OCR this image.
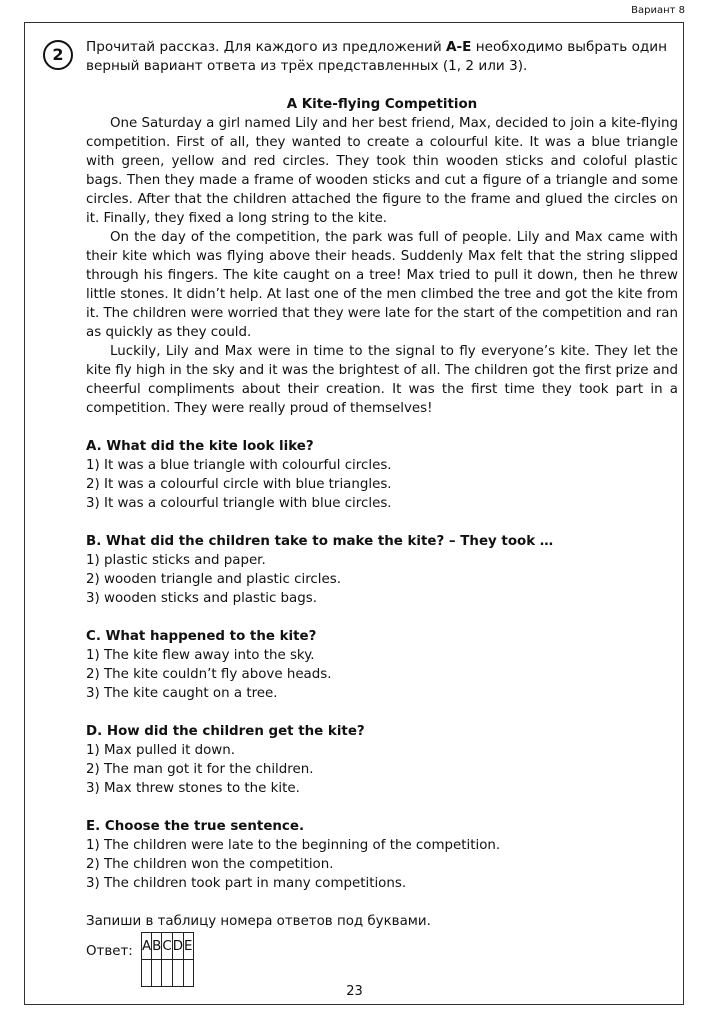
Вариант 8
2	Прочитай рассказ. Для каждого из предложений A-E необходимо выбрать один верный вариант ответа из трёх представленных (1, 2 или 3).
A Kite-flying Competition

One Saturday a girl named Lily and her best friend, Max, decided to join a kite-flying competition. First of all, they wanted to create a colourful kite. It was a blue triangle with green, yellow and red circles. They took thin wooden sticks and coloful plastic bags. Then they made a frame of wooden sticks and cut a figure of a triangle and some circles. After that the children attached the figure to the frame and glued the circles on it. Finally, they fixed a long string to the kite.

On the day of the competition, the park was full of people. Lily and Max came with their kite which was flying above their heads. Suddenly Max felt that the string slipped through his fingers. The kite caught on a tree! Max tried to pull it down, then he threw little stones. It didn’t help. At last one of the men climbed the tree and got the kite from it. The children were worried that they were late for the start of the competition and ran as quickly as they could.

Luckily, Lily and Max were in time to the signal to fly everyone’s kite. They let the kite fly high in the sky and it was the brightest of all. The children got the first prize and cheerful compliments about their creation. It was the first time they took part in a competition. They were really proud of themselves!

A. What did the kite look like?
1) It was a blue triangle with colourful circles.
2) It was a colourful circle with blue triangles.
3) It was a colourful triangle with blue circles.
B. What did the children take to make the kite? – They took …
1) plastic sticks and paper.
2) wooden triangle and plastic circles.
3) wooden sticks and plastic bags.
C. What happened to the kite?
1) The kite flew away into the sky.
2) The kite couldn’t fly above heads.
3) The kite caught on a tree.
D. How did the children get the kite?
1) Max pulled it down.
2) The man got it for the children.
3) Max threw stones to the kite.
E. Choose the true sentence.
1) The children were late to the beginning of the competition.
2) The children won the competition.
3) The children took part in many competitions.
Запиши в таблицу номера ответов под буквами.
Ответ: A	B	C	D	E

23
